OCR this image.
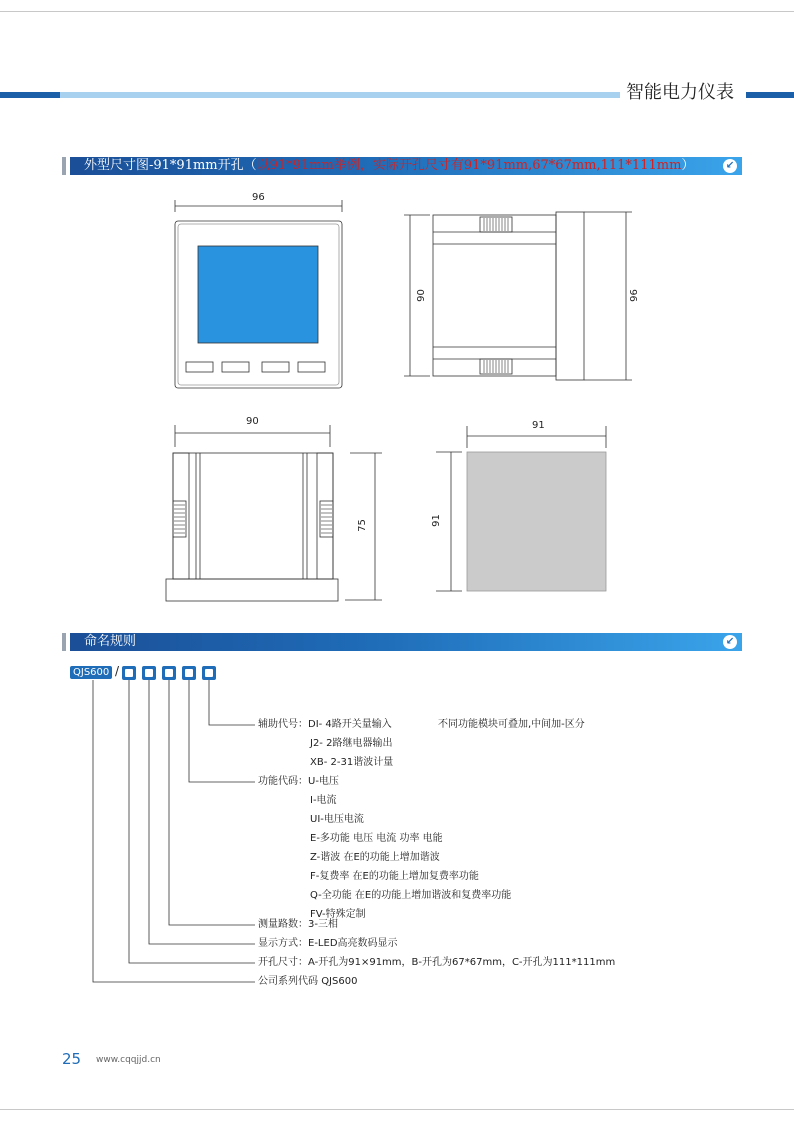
智能电力仪表
外型尺寸图-91*91mm开孔（以91*91mm举例，实际开孔尺寸有91*91mm,67*67mm,111*111mm）	↙
96
90	96
90
75
91
91
命名规则	↙
QJS600 /
辅助代号：DI- 4路开关量输入	不同功能模块可叠加,中间加-区分
J2- 2路继电器输出
XB- 2-31谐波计量
功能代码：U-电压
I-电流
UI-电压电流
E-多功能 电压 电流 功率 电能
Z-谐波 在E的功能上增加谐波
F-复费率 在E的功能上增加复费率功能
Q-全功能 在E的功能上增加谐波和复费率功能
FV-特殊定制
测量路数：3-三相
显示方式：E-LED高亮数码显示
开孔尺寸：A-开孔为91×91mm，B-开孔为67*67mm，C-开孔为111*111mm
公司系列代码 QJS600
25 www.cqqjjd.cn
